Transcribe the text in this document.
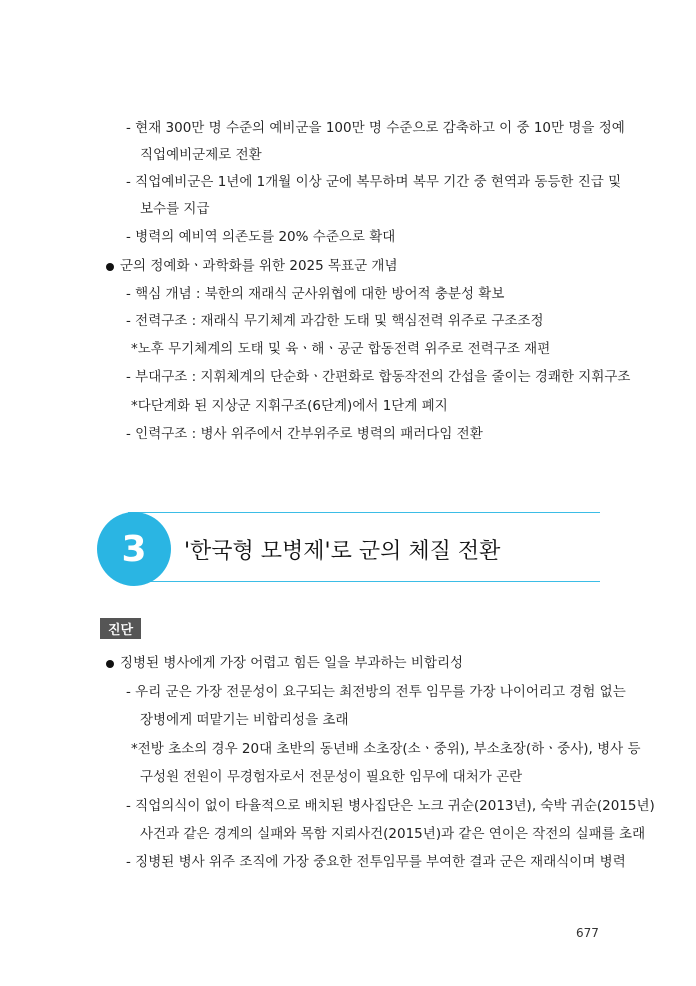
- 현재 300만 명 수준의 예비군을 100만 명 수준으로 감축하고 이 중 10만 명을 정예
직업예비군제로 전환
- 직업예비군은 1년에 1개월 이상 군에 복무하며 복무 기간 중 현역과 동등한 진급 및
보수를 지급
- 병력의 예비역 의존도를 20% 수준으로 확대
군의 정예화ㆍ과학화를 위한 2025 목표군 개념
- 핵심 개념 : 북한의 재래식 군사위협에 대한 방어적 충분성 확보
- 전력구조 : 재래식 무기체계 과감한 도태 및 핵심전력 위주로 구조조정
*노후 무기체계의 도태 및 육ㆍ해ㆍ공군 합동전력 위주로 전력구조 재편
- 부대구조 : 지휘체계의 단순화ㆍ간편화로 합동작전의 간섭을 줄이는 경쾌한 지휘구조
*다단계화 된 지상군 지휘구조(6단계)에서 1단계 폐지
- 인력구조 : 병사 위주에서 간부위주로 병력의 패러다임 전환
3	'한국형 모병제'로 군의 체질 전환
진단
징병된 병사에게 가장 어렵고 힘든 일을 부과하는 비합리성
- 우리 군은 가장 전문성이 요구되는 최전방의 전투 임무를 가장 나이어리고 경험 없는
장병에게 떠맡기는 비합리성을 초래
*전방 초소의 경우 20대 초반의 동년배 소초장(소ㆍ중위), 부소초장(하ㆍ중사), 병사 등
구성원 전원이 무경험자로서 전문성이 필요한 임무에 대처가 곤란
- 직업의식이 없이 타율적으로 배치된 병사집단은 노크 귀순(2013년), 숙박 귀순(2015년)
사건과 같은 경계의 실패와 목함 지뢰사건(2015년)과 같은 연이은 작전의 실패를 초래
- 징병된 병사 위주 조직에 가장 중요한 전투임무를 부여한 결과 군은 재래식이며 병력
677
